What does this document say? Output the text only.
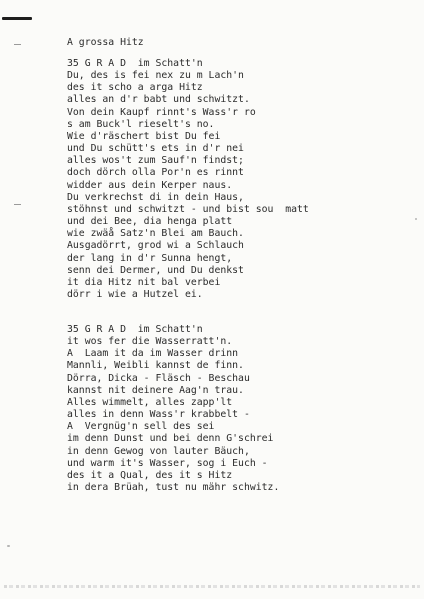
A grossa Hitz
35 G R A D  im Schatt'n
Du, des is fei nex zu m Lach'n
des it scho a arga Hitz
alles an d'r babt und schwitzt.
Von dein Kaupf rinnt's Wass'r ro
s am Buck'l rieselt's no.
Wie d'räschert bist Du fei
und Du schütt's ets in d'r nei
alles wos't zum Sauf'n findst;
doch dörch olla Por'n es rinnt
widder aus dein Kerper naus.
Du verkrechst di in dein Haus,
stöhnst und schwitzt - und bist sou  matt
und dei Bee, dia henga platt
wie zwäå Satz'n Blei am Bauch.
Ausgadörrt, grod wi a Schlauch
der lang in d'r Sunna hengt,
senn dei Dermer, und Du denkst
it dia Hitz nit bal verbei
dörr i wie a Hutzel ei.
35 G R A D  im Schatt'n
it wos fer die Wasserratt'n.
A  Laam it da im Wasser drinn
Mannli, Weibli kannst de finn.
Dörra, Dicka - Fläsch - Beschau
kannst nit deinere Aag'n trau.
Alles wimmelt, alles zapp'lt
alles in denn Wass'r krabbelt -
A  Vergnüg'n sell des sei
im denn Dunst und bei denn G'schrei
in denn Gewog von lauter Bäuch,
und warm it's Wasser, sog i Euch -
des it a Qual, des it s Hitz
in dera Brüah, tust nu mähr schwitz.
